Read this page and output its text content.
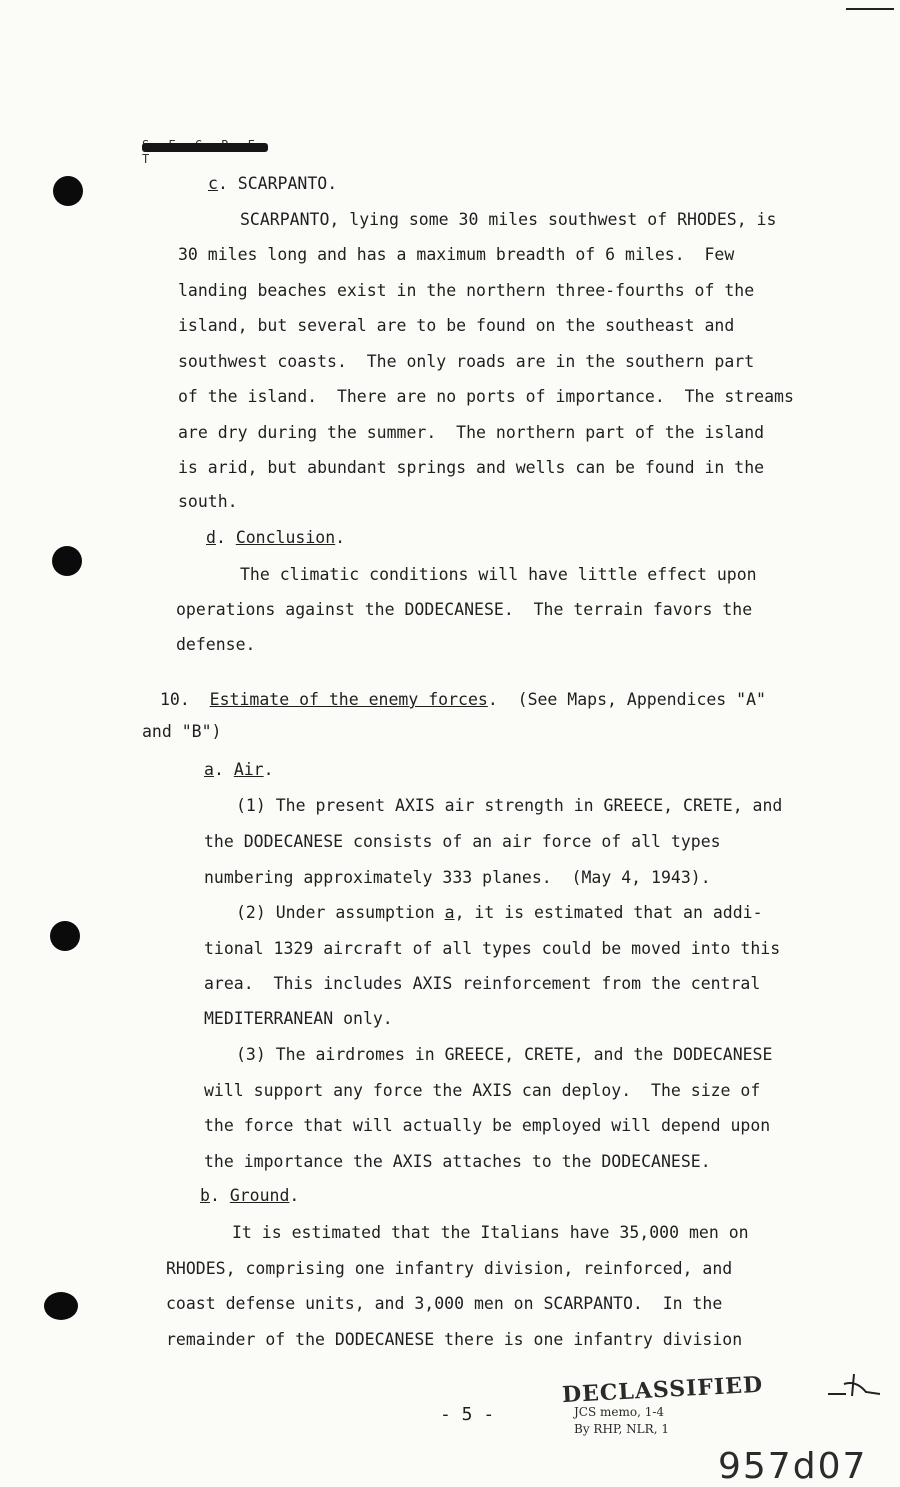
T
c. SCARPANTO.
SCARPANTO, lying some 30 miles southwest of RHODES, is
30 miles long and has a maximum breadth of 6 miles.  Few
landing beaches exist in the northern three-fourths of the
island, but several are to be found on the southeast and
southwest coasts.  The only roads are in the southern part
of the island.  There are no ports of importance.  The streams
are dry during the summer.  The northern part of the island
is arid, but abundant springs and wells can be found in the
south.
d. Conclusion.
The climatic conditions will have little effect upon
operations against the DODECANESE.  The terrain favors the
defense.
10.  Estimate of the enemy forces.  (See Maps, Appendices "A"
and "B")
a. Air.
(1) The present AXIS air strength in GREECE, CRETE, and
the DODECANESE consists of an air force of all types
numbering approximately 333 planes.  (May 4, 1943).
(2) Under assumption a, it is estimated that an addi-
tional 1329 aircraft of all types could be moved into this
area.  This includes AXIS reinforcement from the central
MEDITERRANEAN only.
(3) The airdromes in GREECE, CRETE, and the DODECANESE
will support any force the AXIS can deploy.  The size of
the force that will actually be employed will depend upon
the importance the AXIS attaches to the DODECANESE.
b. Ground.
It is estimated that the Italians have 35,000 men on
RHODES, comprising one infantry division, reinforced, and
coast defense units, and 3,000 men on SCARPANTO.  In the
remainder of the DODECANESE there is one infantry division
- 5 -
DECLASSIFIED
JCS memo, 1-4
By RHP, NLR, 1
957d07
